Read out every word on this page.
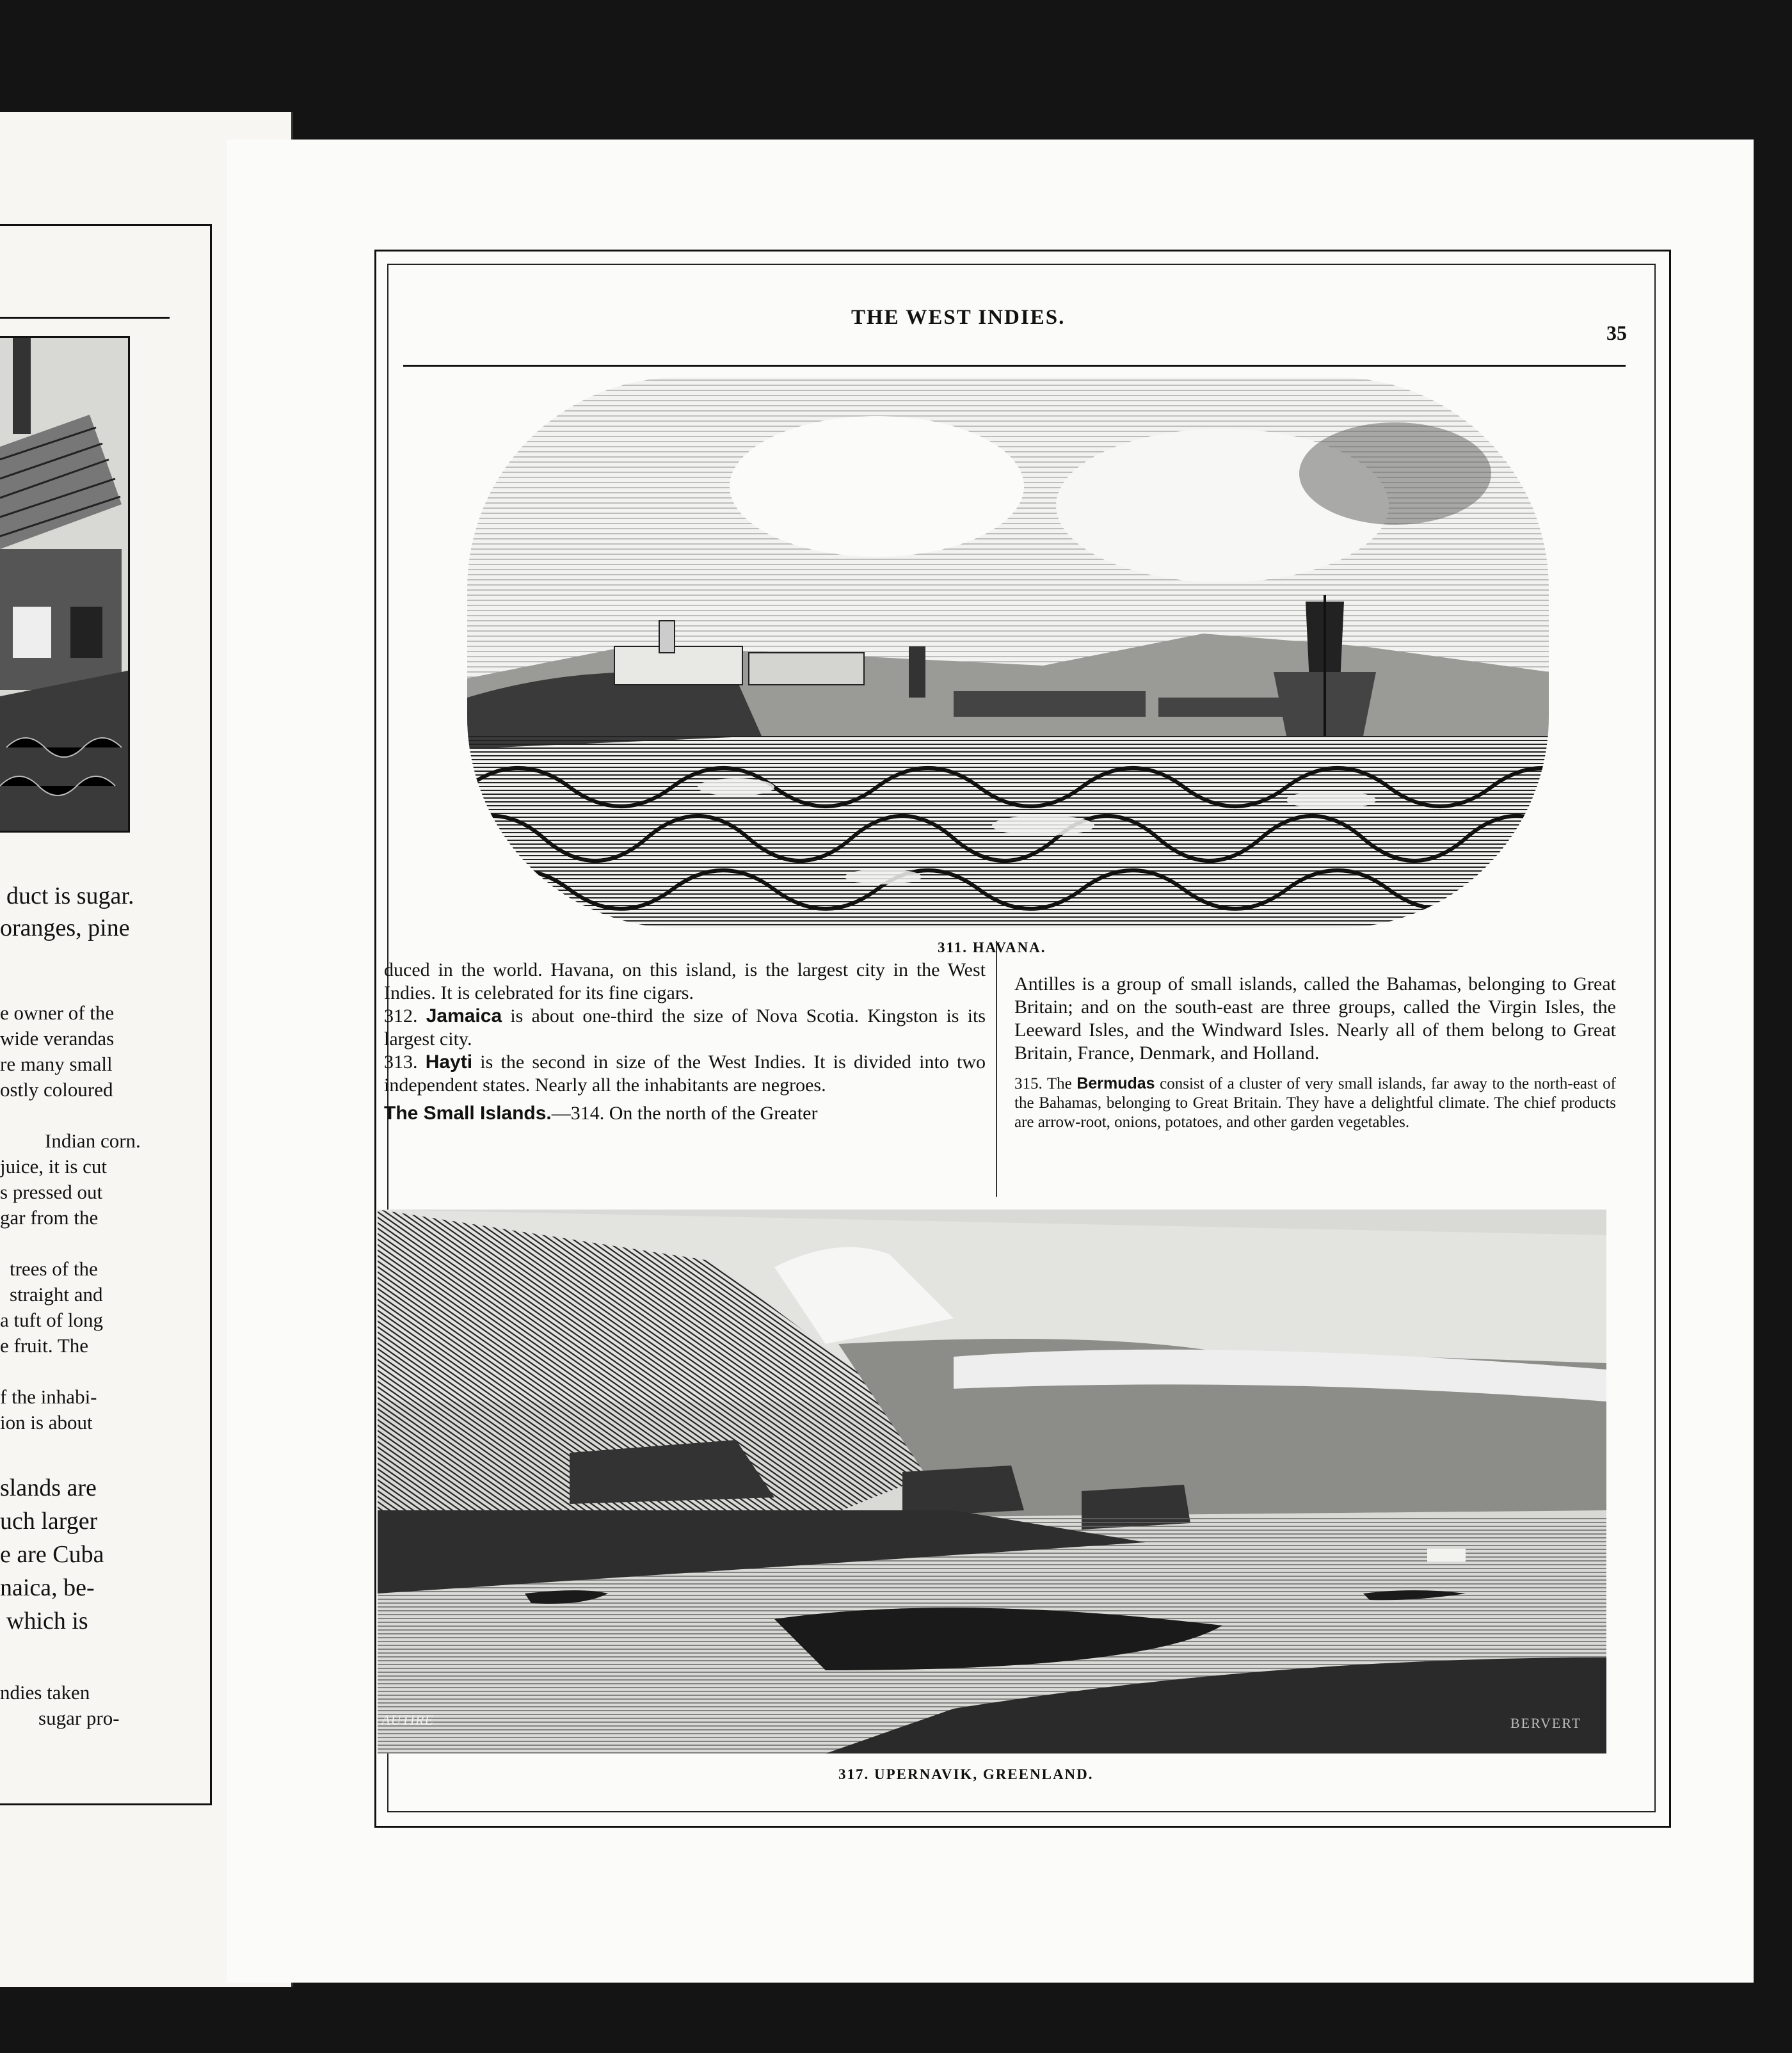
duct is sugar.
oranges, pine
e owner of the
wide verandas
re many small
ostly coloured
Indian corn.
juice, it is cut
s pressed out
gar from the
trees of the
straight and
a tuft of long
e fruit. The
f the inhabi-
ion is about
slands are
uch larger
e are Cuba
naica, be-
which is
ndies taken
sugar pro-
THE WEST INDIES.
35
311. HAVANA.

duced in the world. Havana, on this island, is the largest city in the West Indies. It is celebrated for its fine cigars.

312. Jamaica is about one-third the size of Nova Scotia. Kingston is its largest city.

313. Hayti is the second in size of the West Indies. It is divided into two independent states. Nearly all the inhabitants are negroes.

The Small Islands.—314. On the north of the Greater

Antilles is a group of small islands, called the Bahamas, belonging to Great Britain; and on the south-east are three groups, called the Virgin Isles, the Leeward Isles, and the Windward Isles. Nearly all of them belong to Great Britain, France, Denmark, and Holland.

315. The Bermudas consist of a cluster of very small islands, far away to the north-east of the Bahamas, belonging to Great Britain. They have a delightful climate. The chief products are arrow-root, onions, potatoes, and other garden vegetables.

AUTIRE	BERVERT
317. UPERNAVIK, GREENLAND.
